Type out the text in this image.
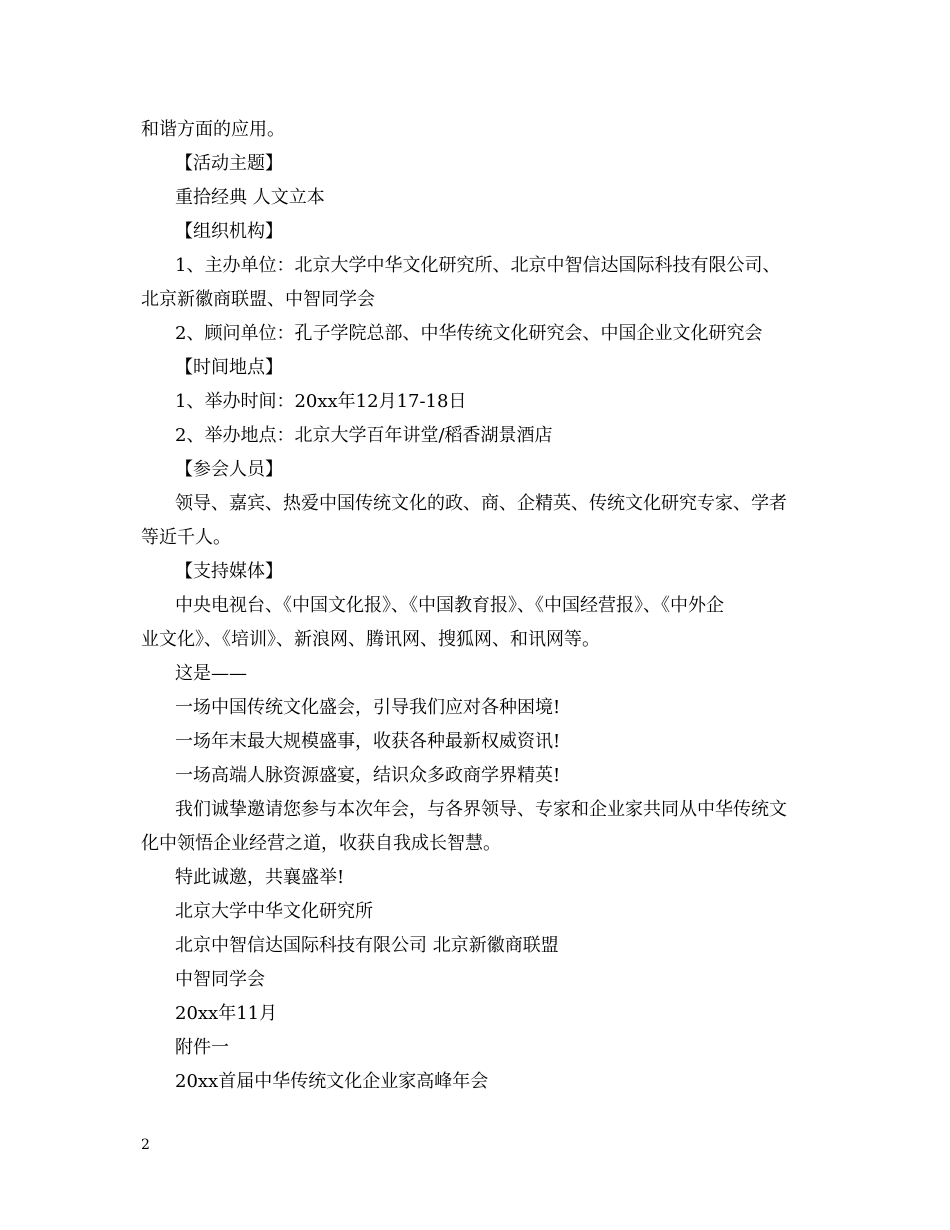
和谐方面的应用。
【活动主题】
重拾经典 人文立本
【组织机构】
1、主办单位：北京大学中华文化研究所、北京中智信达国际科技有限公司、
北京新徽商联盟、中智同学会
2、顾问单位：孔子学院总部、中华传统文化研究会、中国企业文化研究会
【时间地点】
1、举办时间：20xx年12月17-18日
2、举办地点：北京大学百年讲堂/稻香湖景酒店
【参会人员】
领导、嘉宾、热爱中国传统文化的政、商、企精英、传统文化研究专家、学者
等近千人。
【支持媒体】
中央电视台、《中国文化报》、《中国教育报》、《中国经营报》、《中外企
业文化》、《培训》、新浪网、腾讯网、搜狐网、和讯网等。
这是——
一场中国传统文化盛会，引导我们应对各种困境!
一场年末最大规模盛事，收获各种最新权威资讯!
一场高端人脉资源盛宴，结识众多政商学界精英!
我们诚挚邀请您参与本次年会，与各界领导、专家和企业家共同从中华传统文
化中领悟企业经营之道，收获自我成长智慧。
特此诚邀，共襄盛举!
北京大学中华文化研究所
北京中智信达国际科技有限公司 北京新徽商联盟
中智同学会
20xx年11月
附件一
20xx首届中华传统文化企业家高峰年会
2
